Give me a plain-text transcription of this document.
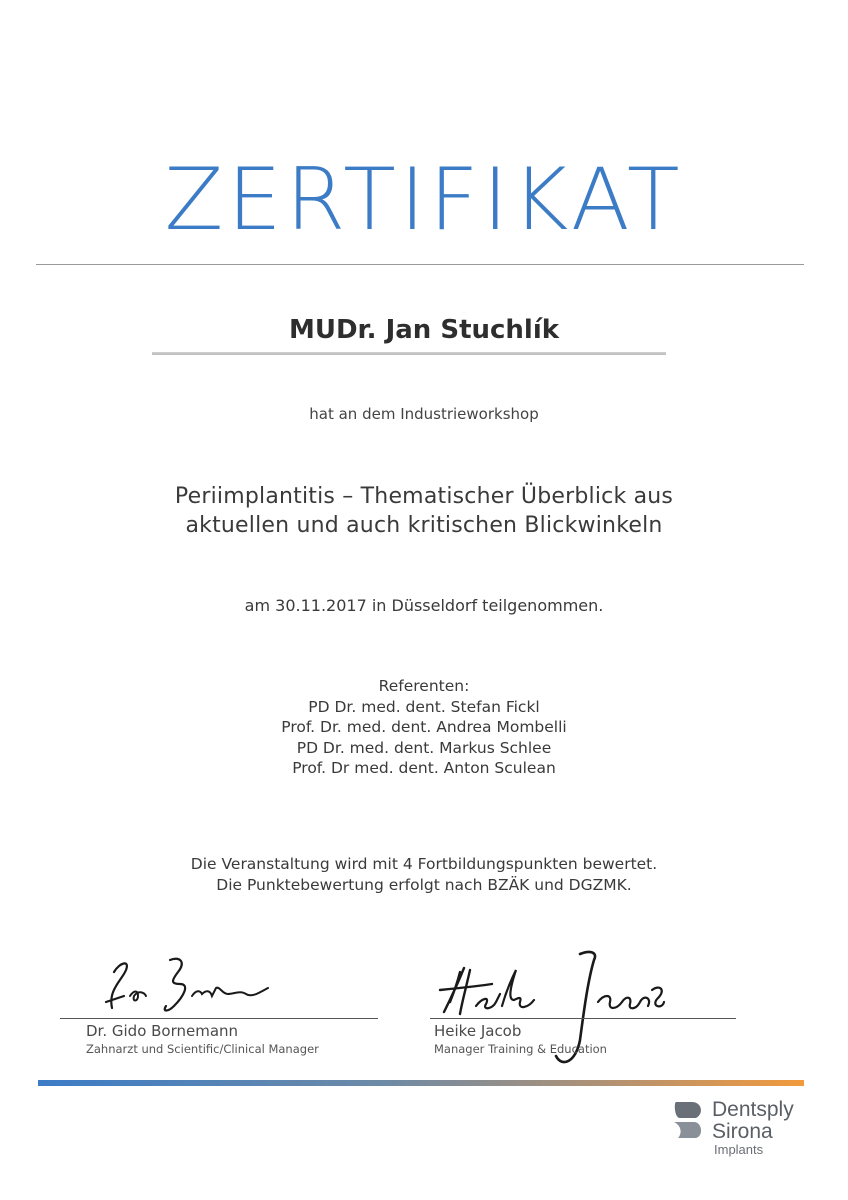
ZERTIFIKAT
MUDr. Jan Stuchlík
hat an dem Industrieworkshop
Periimplantitis – Thematischer Überblick aus
aktuellen und auch kritischen Blickwinkeln
am 30.11.2017 in Düsseldorf teilgenommen.
Referenten:
PD Dr. med. dent. Stefan Fickl
Prof. Dr. med. dent. Andrea Mombelli
PD Dr. med. dent. Markus Schlee
Prof. Dr med. dent. Anton Sculean
Die Veranstaltung wird mit 4 Fortbildungspunkten bewertet.
Die Punktebewertung erfolgt nach BZÄK und DGZMK.
Dr. Gido Bornemann
Zahnarzt und Scientific/Clinical Manager
Heike Jacob
Manager Training & Education
Dentsply
Sirona
Implants
